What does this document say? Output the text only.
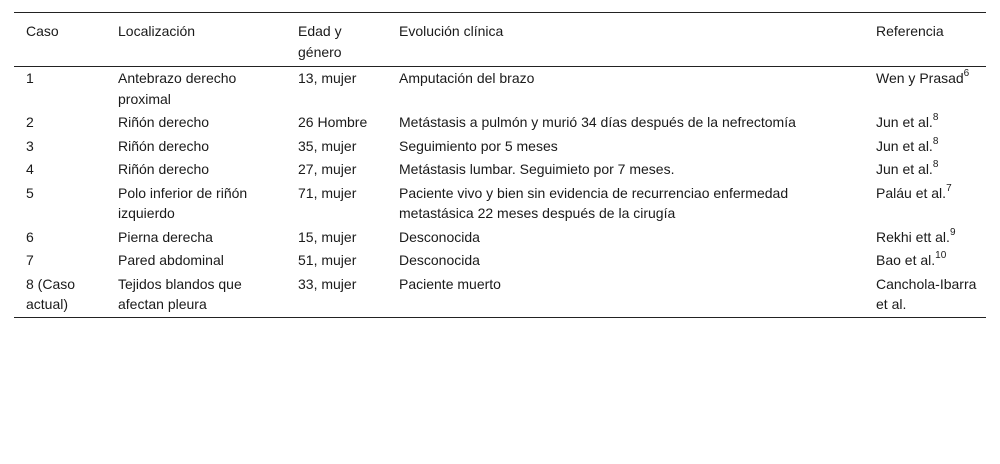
Caso	Localización	Edad y género	Evolución clínica	Referencia
1	Antebrazo derecho proximal	13, mujer	Amputación del brazo	Wen y Prasad$^6$
2	Riñón derecho	26 Hombre	Metástasis a pulmón y murió 34 días después de la nefrectomía	Jun et al.$^8$
3	Riñón derecho	35, mujer	Seguimiento por 5 meses	Jun et al.$^8$
4	Riñón derecho	27, mujer	Metástasis lumbar. Seguimieto por 7 meses.	Jun et al.$^8$
5	Polo inferior de riñón izquierdo	71, mujer	Paciente vivo y bien sin evidencia de recurrenciao enfermedad metastásica 22 meses después de la cirugía	Paláu et al.$^7$
6	Pierna derecha	15, mujer	Desconocida	Rekhi ett al.$^9$
7	Pared abdominal	51, mujer	Desconocida	Bao et al.$^{10}$
8 (Caso actual)	Tejidos blandos que afectan pleura	33, mujer	Paciente muerto	Canchola-Ibarra et al.
